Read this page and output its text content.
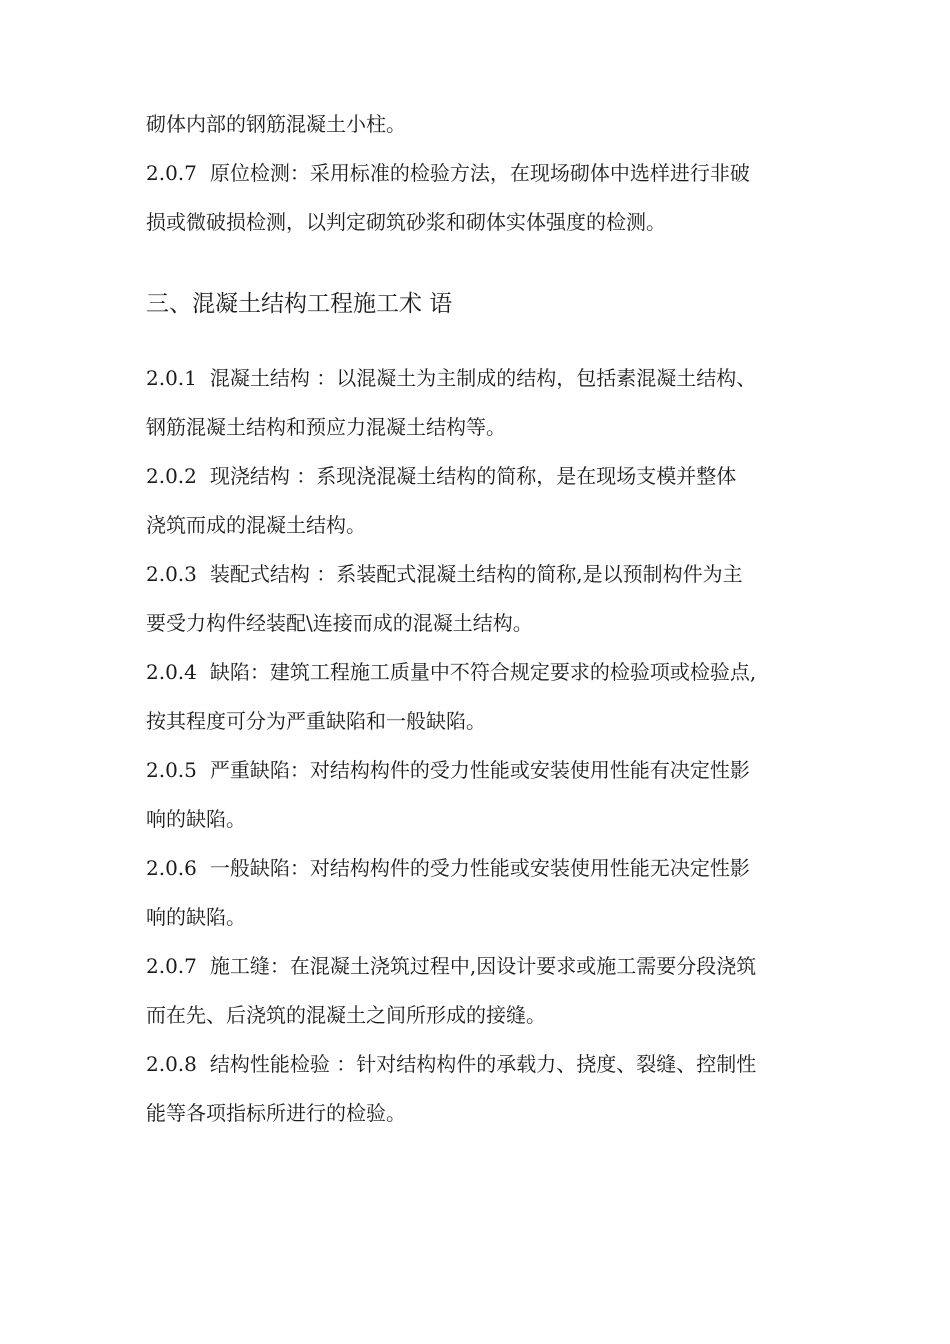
砌体内部的钢筋混凝土小柱。

2.0.7 原位检测：采用标准的检验方法，在现场砌体中选样进行非破

损或微破损检测，以判定砌筑砂浆和砌体实体强度的检测。

三、混凝土结构工程施工术 语

2.0.1 混凝土结构 ：以混凝土为主制成的结构，包括素混凝土结构、

钢筋混凝土结构和预应力混凝土结构等。

2.0.2 现浇结构 ：系现浇混凝土结构的简称，是在现场支模并整体

浇筑而成的混凝土结构。

2.0.3 装配式结构 ：系装配式混凝土结构的简称,是以预制构件为主

要受力构件经装配\连接而成的混凝土结构。

2.0.4 缺陷：建筑工程施工质量中不符合规定要求的检验项或检验点,

按其程度可分为严重缺陷和一般缺陷。

2.0.5 严重缺陷：对结构构件的受力性能或安装使用性能有决定性影

响的缺陷。

2.0.6 一般缺陷：对结构构件的受力性能或安装使用性能无决定性影

响的缺陷。

2.0.7 施工缝：在混凝土浇筑过程中,因设计要求或施工需要分段浇筑

而在先、后浇筑的混凝土之间所形成的接缝。

2.0.8 结构性能检验 ：针对结构构件的承载力、挠度、裂缝、控制性

能等各项指标所进行的检验。
